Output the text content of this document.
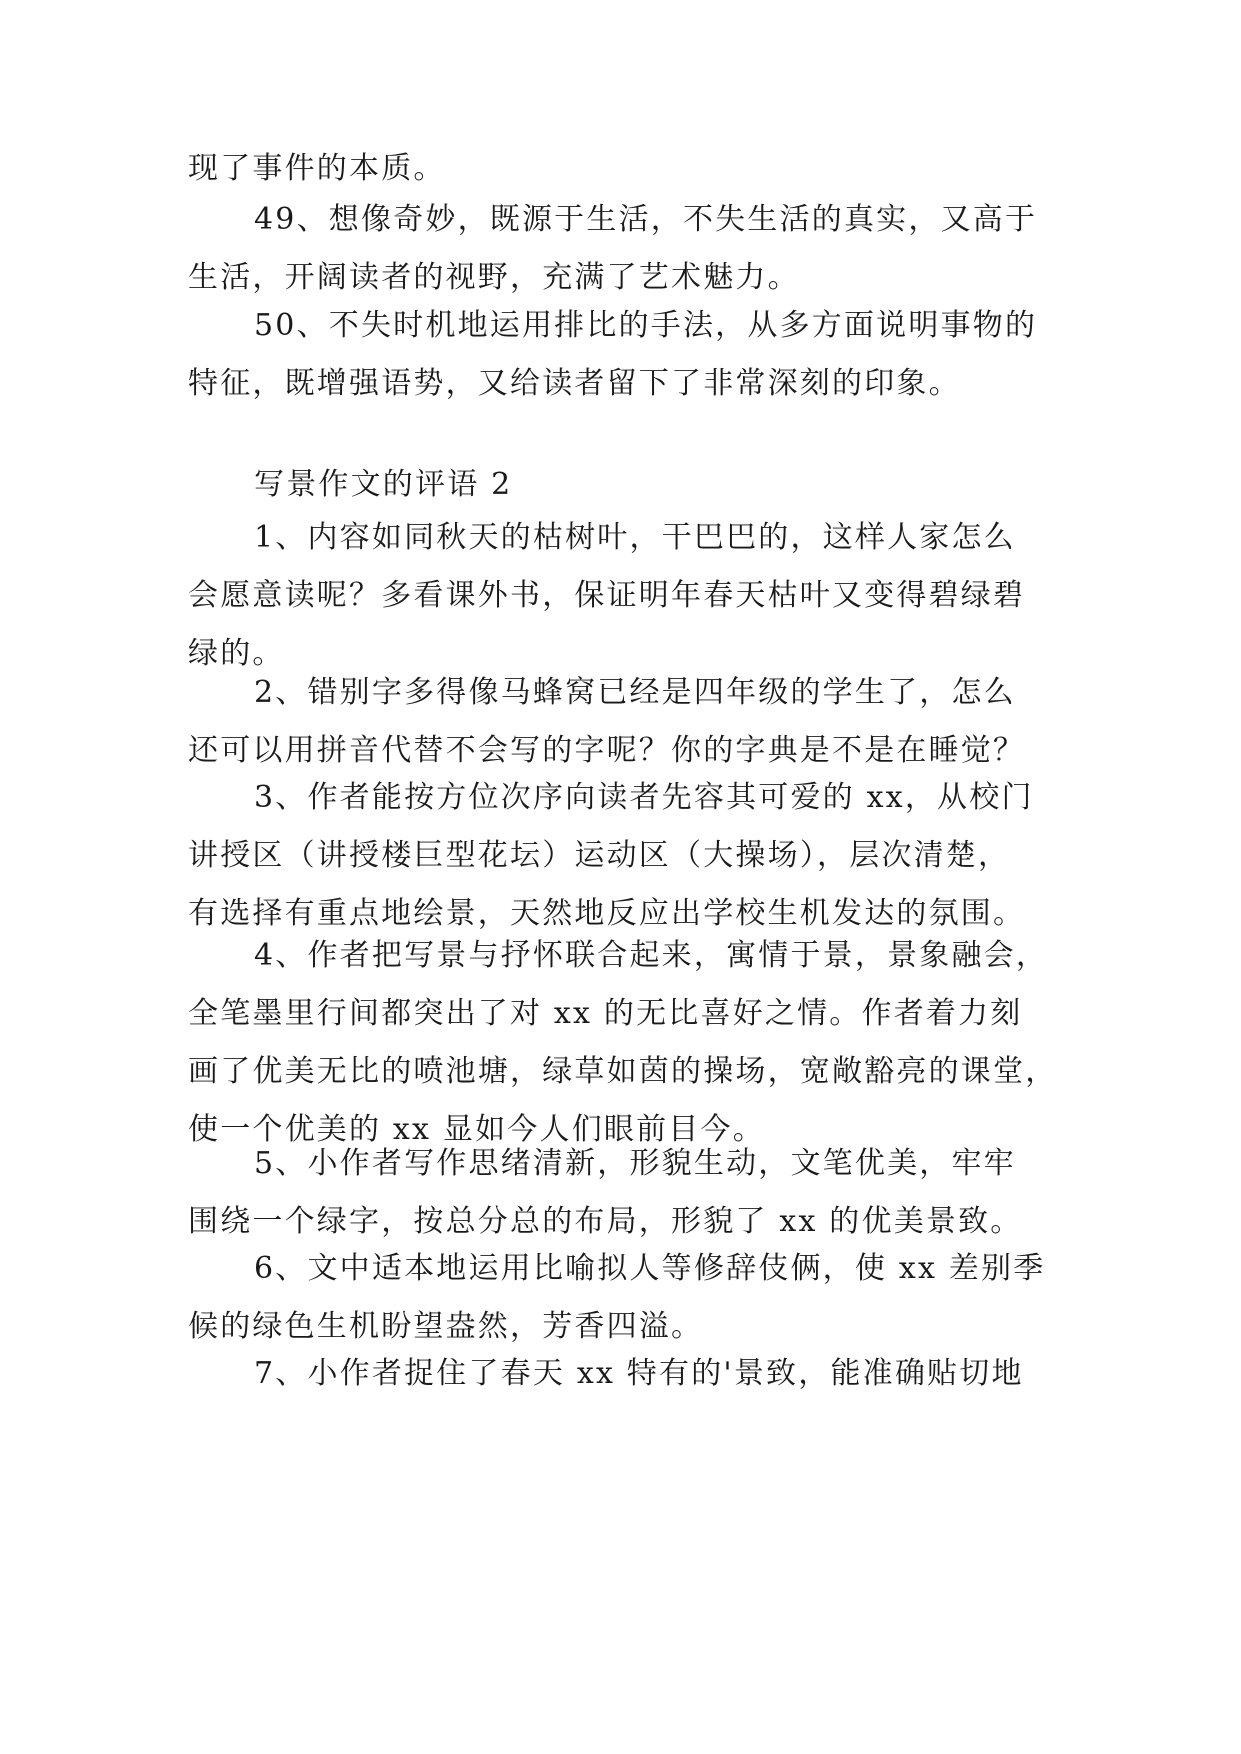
现了事件的本质。
49、想像奇妙，既源于生活，不失生活的真实，又高于
生活，开阔读者的视野，充满了艺术魅力。
50、不失时机地运用排比的手法，从多方面说明事物的
特征，既增强语势，又给读者留下了非常深刻的印象。
写景作文的评语 2
1、内容如同秋天的枯树叶，干巴巴的，这样人家怎么
会愿意读呢？多看课外书，保证明年春天枯叶又变得碧绿碧
绿的。
2、错别字多得像马蜂窝已经是四年级的学生了，怎么
还可以用拼音代替不会写的字呢？你的字典是不是在睡觉？
3、作者能按方位次序向读者先容其可爱的 xx，从校门
讲授区（讲授楼巨型花坛）运动区（大操场），层次清楚，
有选择有重点地绘景，天然地反应出学校生机发达的氛围。
4、作者把写景与抒怀联合起来，寓情于景，景象融会，
全笔墨里行间都突出了对 xx 的无比喜好之情。作者着力刻
画了优美无比的喷池塘，绿草如茵的操场，宽敞豁亮的课堂，
使一个优美的 xx 显如今人们眼前目今。
5、小作者写作思绪清新，形貌生动，文笔优美，牢牢
围绕一个绿字，按总分总的布局，形貌了 xx 的优美景致。
6、文中适本地运用比喻拟人等修辞伎俩，使 xx 差别季
候的绿色生机盼望盎然，芳香四溢。
7、小作者捉住了春天 xx 特有的'景致，能准确贴切地
